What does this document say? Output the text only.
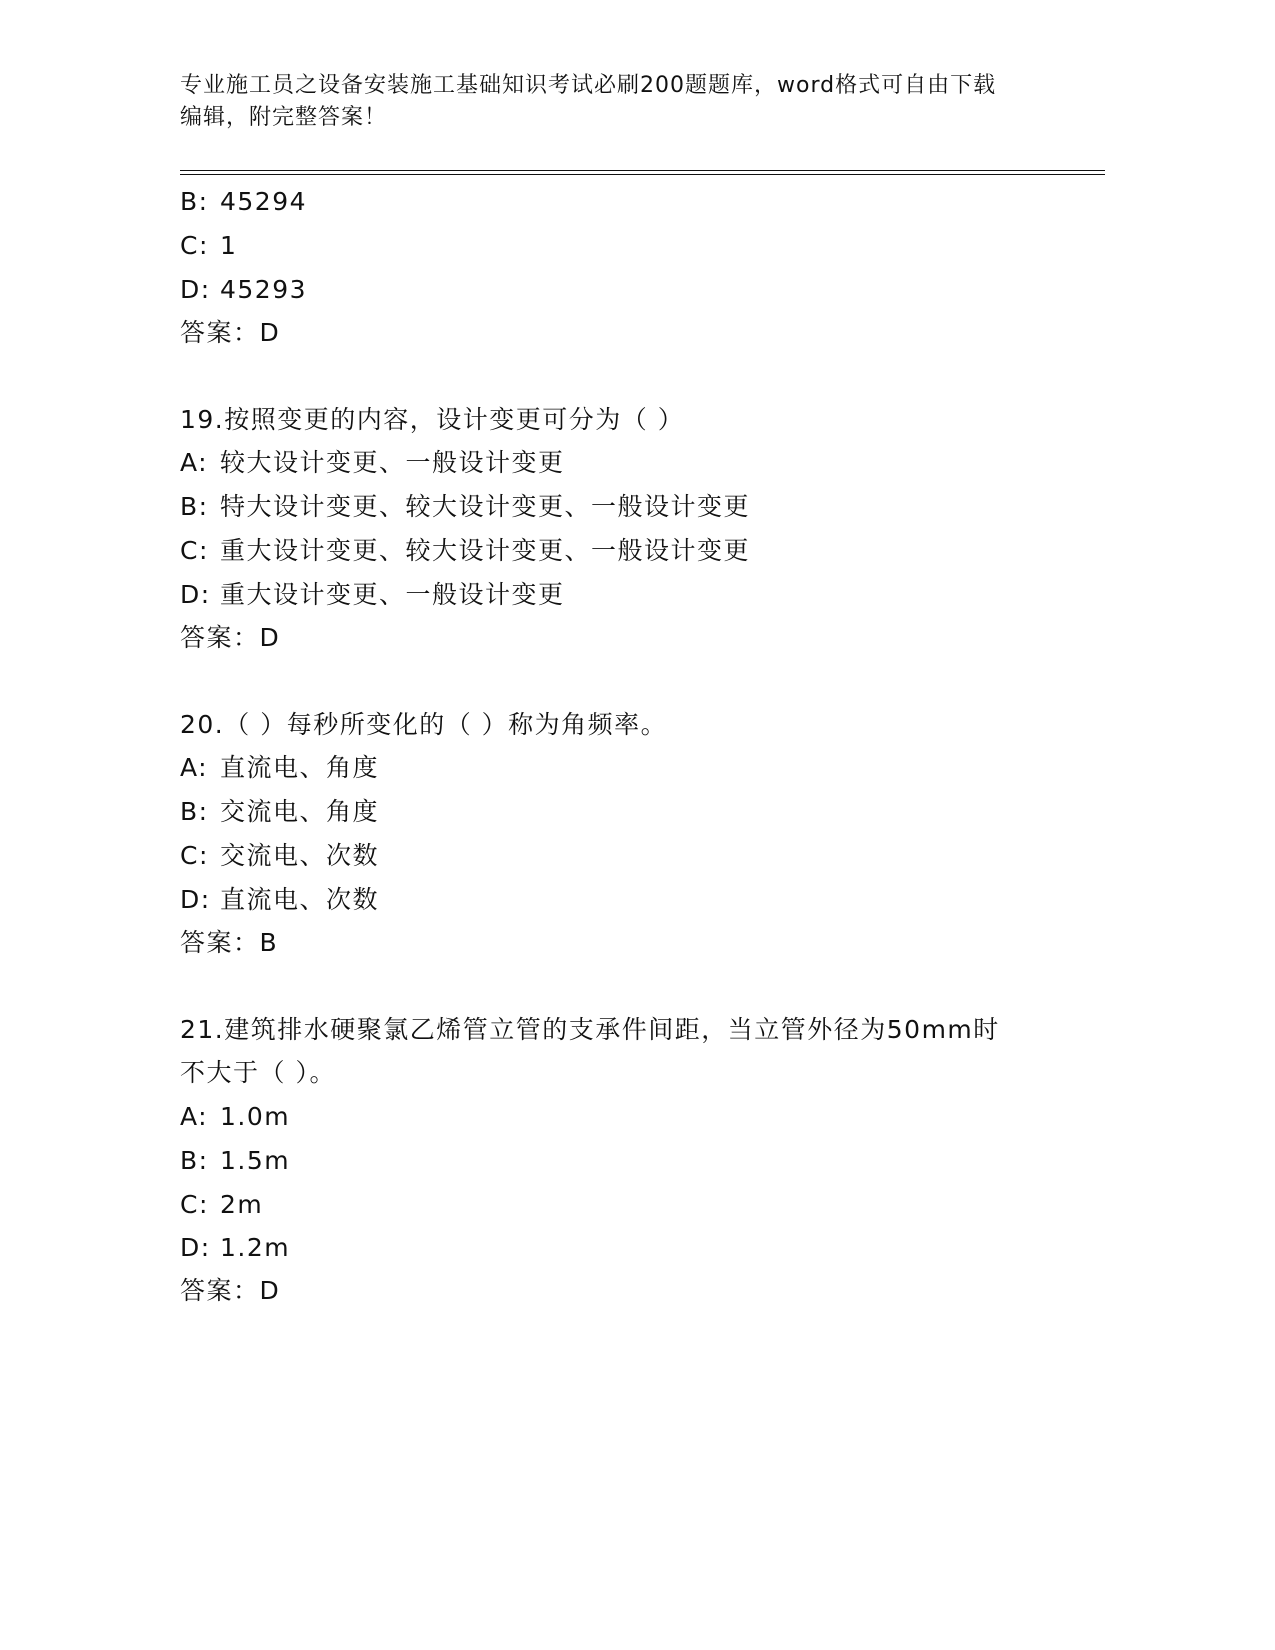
专业施工员之设备安装施工基础知识考试必刷200题题库，word格式可自由下载
编辑，附完整答案！
B: 45294
C: 1
D: 45293
答案：D
19.按照变更的内容，设计变更可分为（ ）
A: 较大设计变更、一般设计变更
B: 特大设计变更、较大设计变更、一般设计变更
C: 重大设计变更、较大设计变更、一般设计变更
D: 重大设计变更、一般设计变更
答案：D
20.（ ）每秒所变化的（ ）称为角频率。
A: 直流电、角度
B: 交流电、角度
C: 交流电、次数
D: 直流电、次数
答案：B
21.建筑排水硬聚氯乙烯管立管的支承件间距，当立管外径为50mm时
不大于（ ）。
A: 1.0m
B: 1.5m
C: 2m
D: 1.2m
答案：D
